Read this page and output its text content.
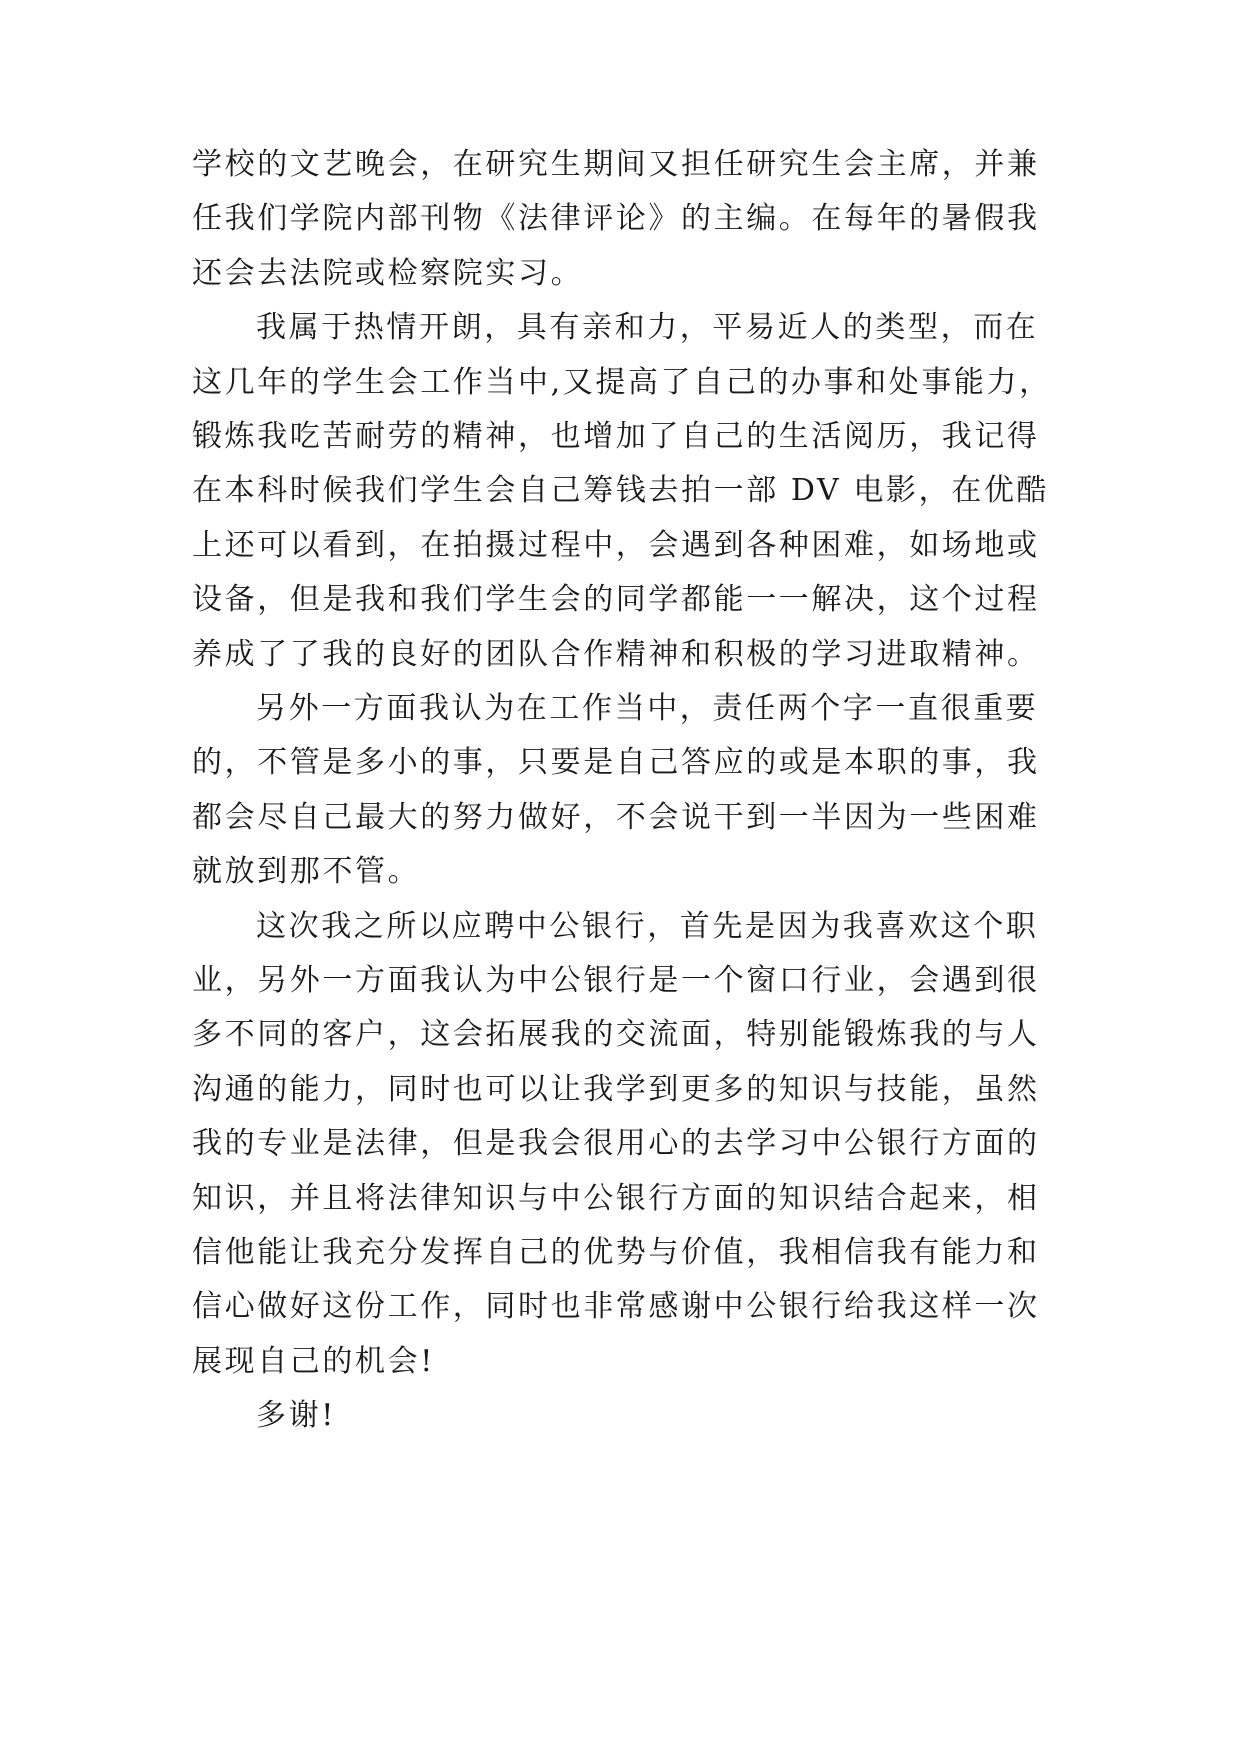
学校的文艺晚会，在研究生期间又担任研究生会主席，并兼
任我们学院内部刊物《法律评论》的主编。在每年的暑假我
还会去法院或检察院实习。
我属于热情开朗，具有亲和力，平易近人的类型，而在
这几年的学生会工作当中,又提高了自己的办事和处事能力，
锻炼我吃苦耐劳的精神，也增加了自己的生活阅历，我记得
在本科时候我们学生会自己筹钱去拍一部 DV 电影，在优酷
上还可以看到，在拍摄过程中，会遇到各种困难，如场地或
设备，但是我和我们学生会的同学都能一一解决，这个过程
养成了了我的良好的团队合作精神和积极的学习进取精神。
另外一方面我认为在工作当中，责任两个字一直很重要
的，不管是多小的事，只要是自己答应的或是本职的事，我
都会尽自己最大的努力做好，不会说干到一半因为一些困难
就放到那不管。
这次我之所以应聘中公银行，首先是因为我喜欢这个职
业，另外一方面我认为中公银行是一个窗口行业，会遇到很
多不同的客户，这会拓展我的交流面，特别能锻炼我的与人
沟通的能力，同时也可以让我学到更多的知识与技能，虽然
我的专业是法律，但是我会很用心的去学习中公银行方面的
知识，并且将法律知识与中公银行方面的知识结合起来，相
信他能让我充分发挥自己的优势与价值，我相信我有能力和
信心做好这份工作，同时也非常感谢中公银行给我这样一次
展现自己的机会!
多谢!
